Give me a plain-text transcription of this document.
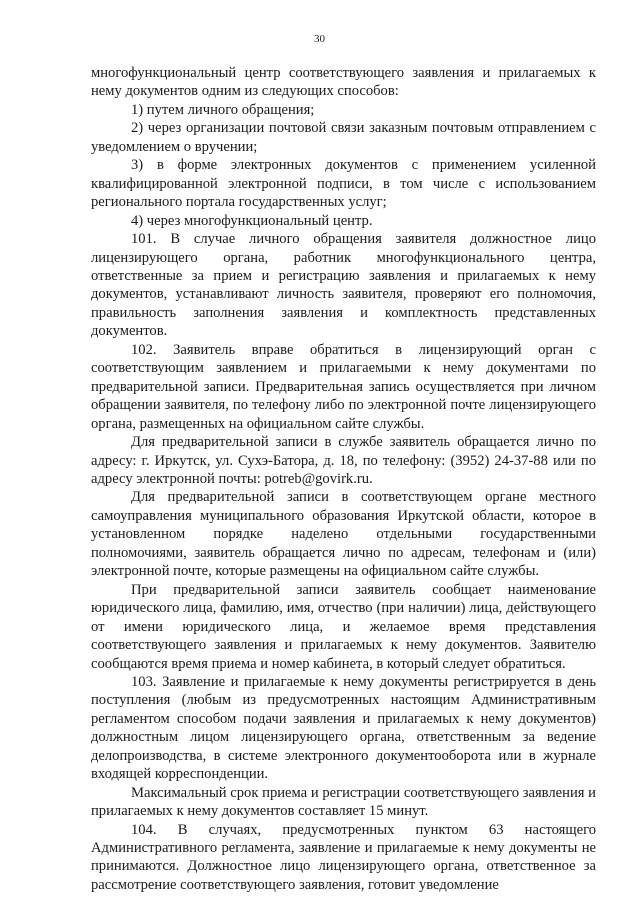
30

многофункциональный центр соответствующего заявления и прилагаемых к нему документов одним из следующих способов:

1) путем личного обращения;

2) через организации почтовой связи заказным почтовым отправлением с уведомлением о вручении;

3) в форме электронных документов с применением усиленной квалифицированной электронной подписи, в том числе с использованием регионального портала государственных услуг;

4) через многофункциональный центр.

101. В случае личного обращения заявителя должностное лицо лицензирующего органа, работник многофункционального центра, ответственные за прием и регистрацию заявления и прилагаемых к нему документов, устанавливают личность заявителя, проверяют его полномочия, правильность заполнения заявления и комплектность представленных документов.

102. Заявитель вправе обратиться в лицензирующий орган с соответствующим заявлением и прилагаемыми к нему документами по предварительной записи. Предварительная запись осуществляется при личном обращении заявителя, по телефону либо по электронной почте лицензирующего органа, размещенных на официальном сайте службы.

Для предварительной записи в службе заявитель обращается лично по адресу: г. Иркутск, ул. Сухэ-Батора, д. 18, по телефону: (3952) 24-37-88 или по адресу электронной почты: potreb@govirk.ru.

Для предварительной записи в соответствующем органе местного самоуправления муниципального образования Иркутской области, которое в установленном порядке наделено отдельными государственными полномочиями, заявитель обращается лично по адресам, телефонам и (или) электронной почте, которые размещены на официальном сайте службы.

При предварительной записи заявитель сообщает наименование юридического лица, фамилию, имя, отчество (при наличии) лица, действующего от имени юридического лица, и желаемое время представления соответствующего заявления и прилагаемых к нему документов. Заявителю сообщаются время приема и номер кабинета, в который следует обратиться.

103. Заявление и прилагаемые к нему документы регистрируется в день поступления (любым из предусмотренных настоящим Административным регламентом способом подачи заявления и прилагаемых к нему документов) должностным лицом лицензирующего органа, ответственным за ведение делопроизводства, в системе электронного документооборота или в журнале входящей корреспонденции.

Максимальный срок приема и регистрации соответствующего заявления и прилагаемых к нему документов составляет 15 минут.

104. В случаях, предусмотренных пунктом 63 настоящего Административного регламента, заявление и прилагаемые к нему документы не принимаются. Должностное лицо лицензирующего органа, ответственное за рассмотрение соответствующего заявления, готовит уведомление
